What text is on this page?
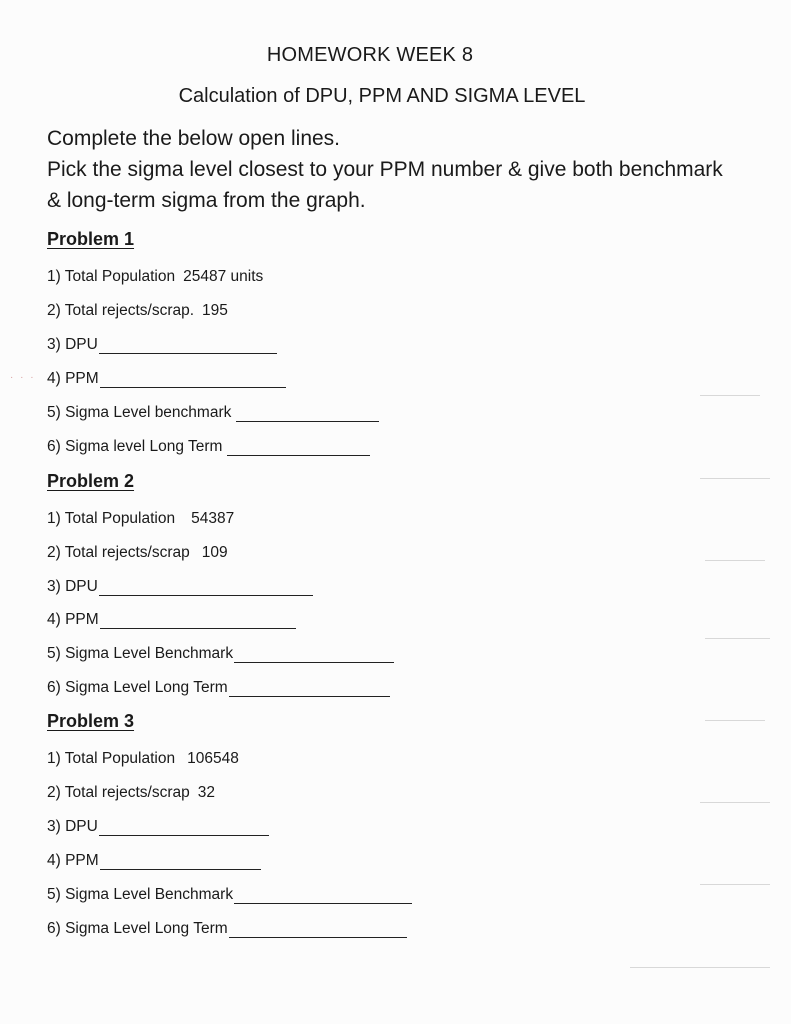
HOMEWORK WEEK 8
Calculation of DPU, PPM AND SIGMA LEVEL
Complete the below open lines.
Pick the sigma level closest to your PPM number & give both benchmark
& long-term sigma from the graph.
· · ·
Problem 1
1) Total Population 25487 units
2) Total rejects/scrap. 195
3) DPU
4) PPM
5) Sigma Level benchmark
6) Sigma level Long Term
Problem 2
1) Total Population 54387
2) Total rejects/scrap 109
3) DPU
4) PPM
5) Sigma Level Benchmark
6) Sigma Level Long Term
Problem 3
1) Total Population 106548
2) Total rejects/scrap 32
3) DPU
4) PPM
5) Sigma Level Benchmark
6) Sigma Level Long Term
